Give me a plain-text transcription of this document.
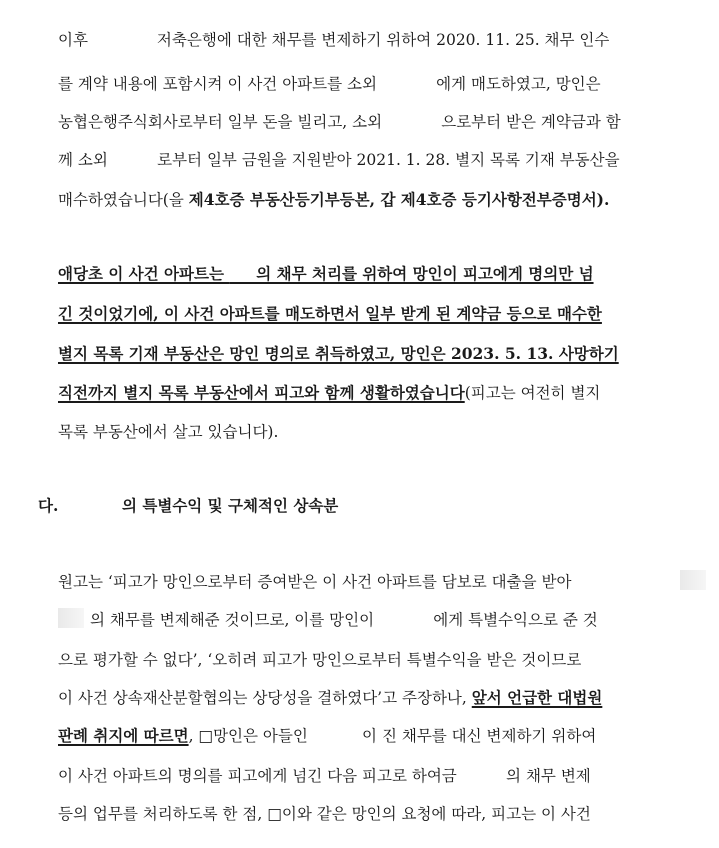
이후              저축은행에 대한 채무를 변제하기 위하여 2020. 11. 25. 채무 인수
를 계약 내용에 포함시켜 이 사건 아파트를 소외            에게 매도하였고, 망인은
농협은행주식회사로부터 일부 돈을 빌리고, 소외            으로부터 받은 계약금과 함
께 소외          로부터 일부 금원을 지원받아 2021. 1. 28. 별지 목록 기재 부동산을
매수하였습니다(을 제4호증 부동산등기부등본, 갑 제4호증 등기사항전부증명서).
애당초 이 사건 아파트는      의 채무 처리를 위하여 망인이 피고에게 명의만 넘
긴 것이었기에, 이 사건 아파트를 매도하면서 일부 받게 된 계약금 등으로 매수한
별지 목록 기재 부동산은 망인 명의로 취득하였고, 망인은 2023. 5. 13. 사망하기
직전까지 별지 목록 부동산에서 피고와 함께 생활하였습니다(피고는 여전히 별지
목록 부동산에서 살고 있습니다).
다.	의 특별수익 및 구체적인 상속분
원고는 ‘피고가 망인으로부터 증여받은 이 사건 아파트를 담보로 대출을 받아
의 채무를 변제해준 것이므로, 이를 망인이            에게 특별수익으로 준 것
으로 평가할 수 없다’, ‘오히려 피고가 망인으로부터 특별수익을 받은 것이므로
이 사건 상속재산분할협의는 상당성을 결하였다’고 주장하나, 앞서 언급한 대법원
판례 취지에 따르면, □망인은 아들인           이 진 채무를 대신 변제하기 위하여
이 사건 아파트의 명의를 피고에게 넘긴 다음 피고로 하여금          의 채무 변제
등의 업무를 처리하도록 한 점, □이와 같은 망인의 요청에 따라, 피고는 이 사건
